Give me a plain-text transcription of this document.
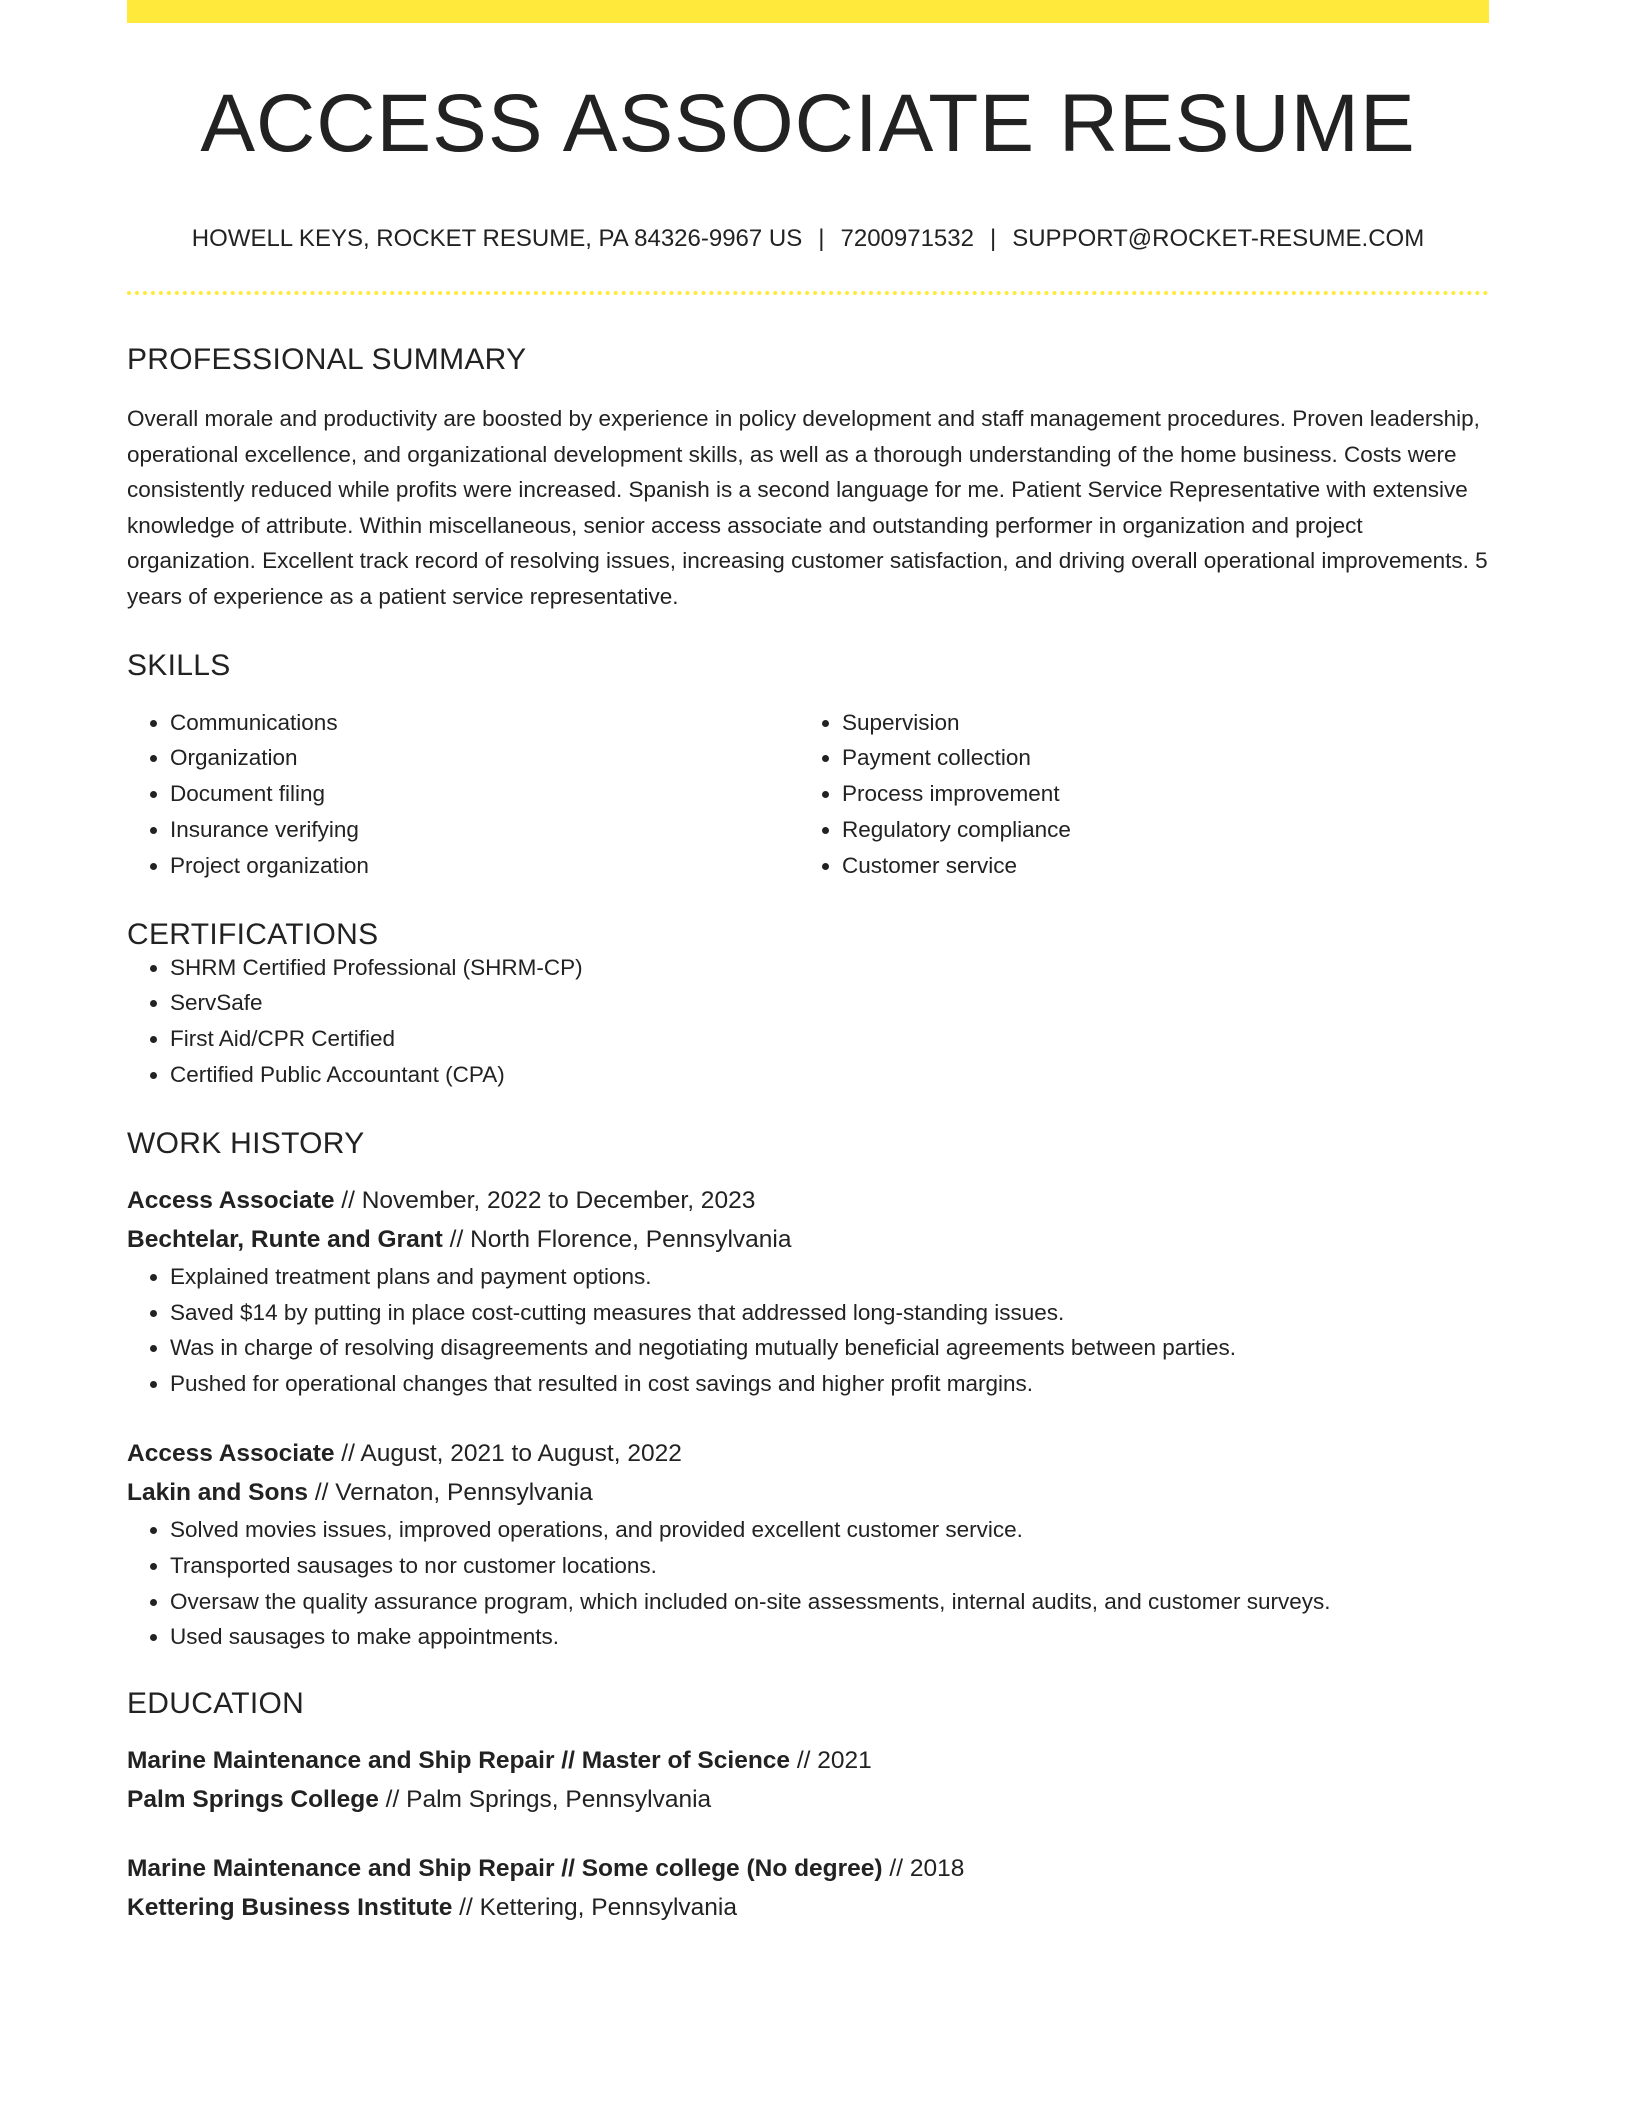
ACCESS ASSOCIATE RESUME
HOWELL KEYS, ROCKET RESUME, PA 84326-9967 US | 7200971532 | SUPPORT@ROCKET-RESUME.COM
PROFESSIONAL SUMMARY

Overall morale and productivity are boosted by experience in policy development and staff management procedures. Proven leadership, operational excellence, and organizational development skills, as well as a thorough understanding of the home business. Costs were consistently reduced while profits were increased. Spanish is a second language for me. Patient Service Representative with extensive knowledge of attribute. Within miscellaneous, senior access associate and outstanding performer in organization and project organization. Excellent track record of resolving issues, increasing customer satisfaction, and driving overall operational improvements. 5 years of experience as a patient service representative.

SKILLS
• Communications
• Organization
• Document filing
• Insurance verifying
• Project organization
• Supervision
• Payment collection
• Process improvement
• Regulatory compliance
• Customer service
CERTIFICATIONS
• SHRM Certified Professional (SHRM-CP)
• ServSafe
• First Aid/CPR Certified
• Certified Public Accountant (CPA)
WORK HISTORY
Access Associate // November, 2022 to December, 2023
Bechtelar, Runte and Grant // North Florence, Pennsylvania
• Explained treatment plans and payment options.
• Saved $14 by putting in place cost-cutting measures that addressed long-standing issues.
• Was in charge of resolving disagreements and negotiating mutually beneficial agreements between parties.
• Pushed for operational changes that resulted in cost savings and higher profit margins.
Access Associate // August, 2021 to August, 2022
Lakin and Sons // Vernaton, Pennsylvania
• Solved movies issues, improved operations, and provided excellent customer service.
• Transported sausages to nor customer locations.
• Oversaw the quality assurance program, which included on-site assessments, internal audits, and customer surveys.
• Used sausages to make appointments.
EDUCATION
Marine Maintenance and Ship Repair // Master of Science // 2021
Palm Springs College // Palm Springs, Pennsylvania
Marine Maintenance and Ship Repair // Some college (No degree) // 2018
Kettering Business Institute // Kettering, Pennsylvania
